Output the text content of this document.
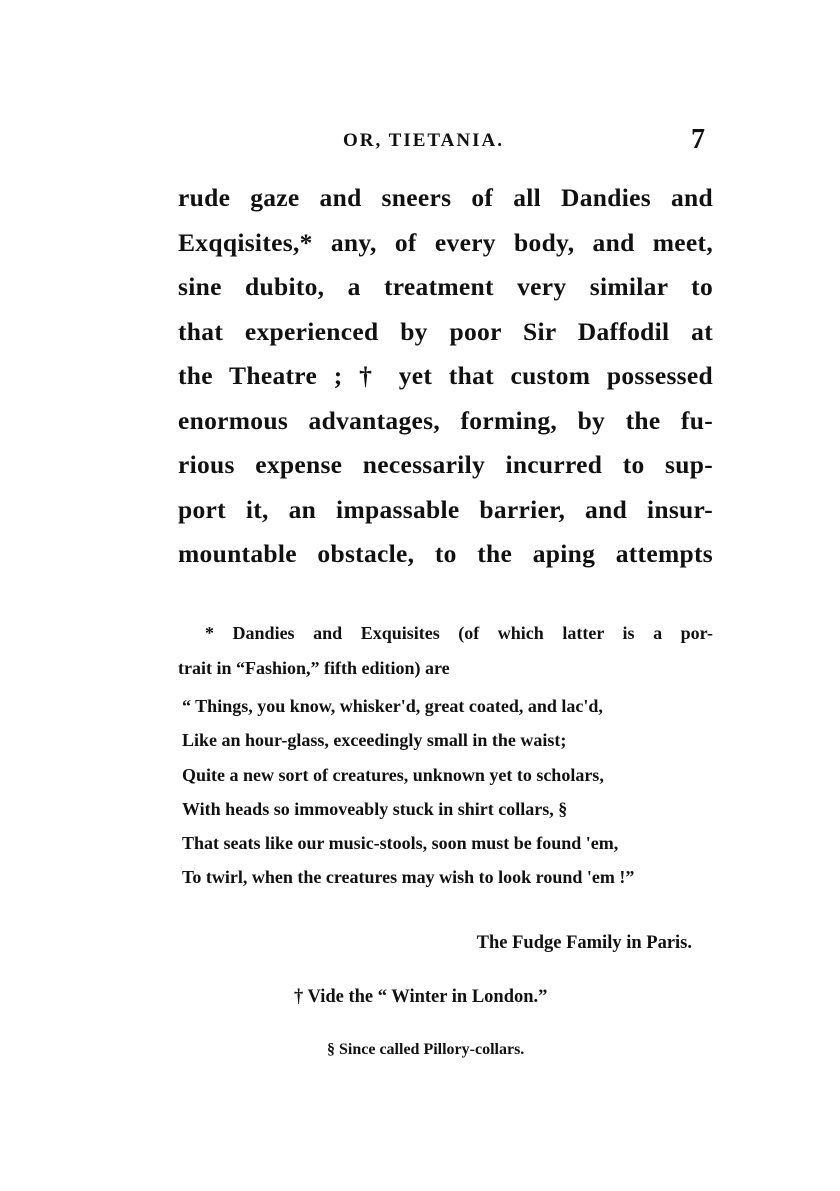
OR, TIETANIA.	7
rude gaze and sneers of all Dandies and
Exqqisites,* any, of every body, and meet,
sine dubito, a treatment very similar to
that experienced by poor Sir Daffodil at
the Theatre ; † yet that custom possessed
enormous advantages, forming, by the fu-
rious expense necessarily incurred to sup-
port it, an impassable barrier, and insur-
mountable obstacle, to the aping attempts
* Dandies and Exquisites (of which latter is a por-
trait in “Fashion,” fifth edition) are
“ Things, you know, whisker'd, great coated, and lac'd,
Like an hour-glass, exceedingly small in the waist;
Quite a new sort of creatures, unknown yet to scholars,
With heads so immoveably stuck in shirt collars, §
That seats like our music-stools, soon must be found 'em,
To twirl, when the creatures may wish to look round 'em !”
The Fudge Family in Paris.
† Vide the “ Winter in London.”
§ Since called Pillory-collars.
